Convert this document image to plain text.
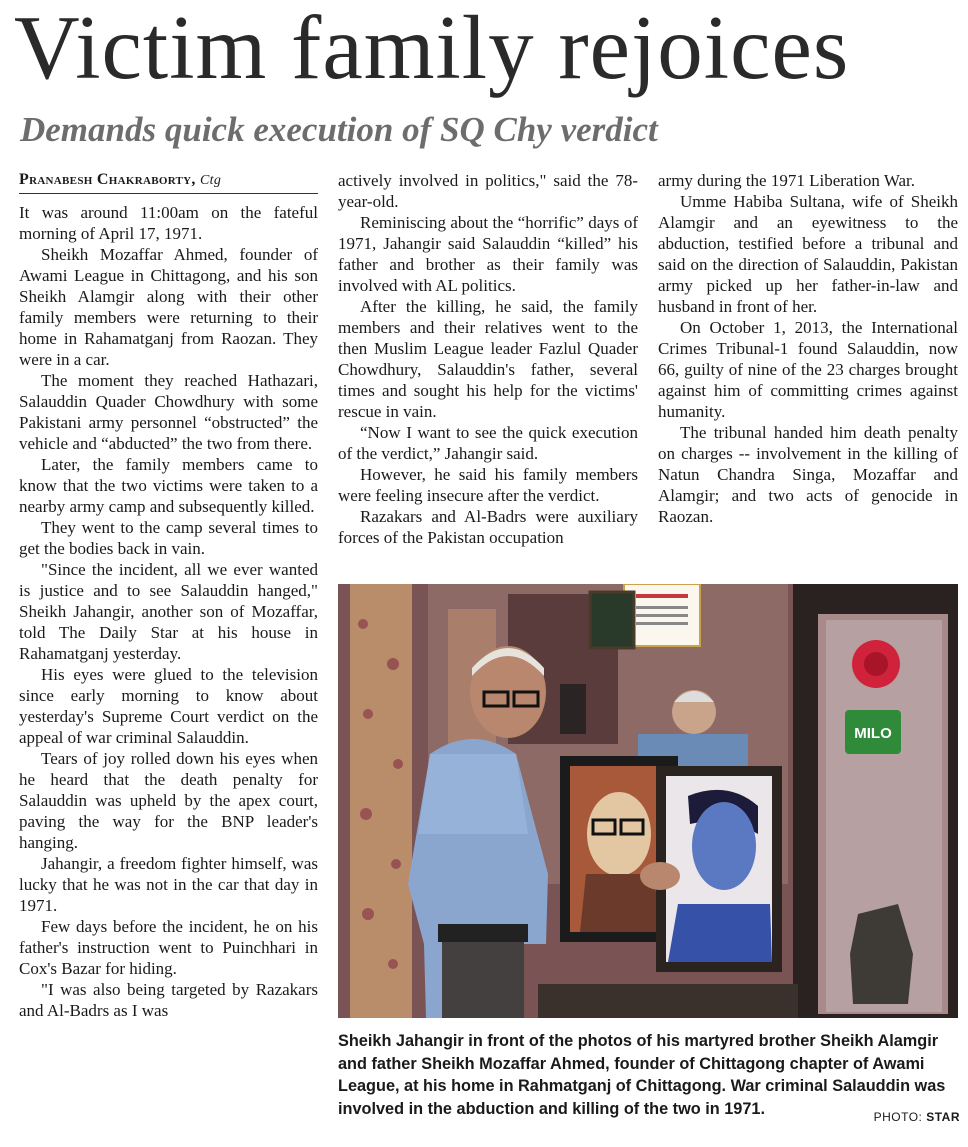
Victim family rejoices
Demands quick execution of SQ Chy verdict
Pranabesh Chakraborty, Ctg

It was around 11:00am on the fateful morning of April 17, 1971.

Sheikh Mozaffar Ahmed, founder of Awami League in Chittagong, and his son Sheikh Alamgir along with their other family members were returning to their home in Rahamatganj from Raozan. They were in a car.

The moment they reached Hathazari, Salauddin Quader Chowdhury with some Pakistani army personnel “obstructed” the vehicle and “abducted” the two from there.

Later, the family members came to know that the two victims were taken to a nearby army camp and subsequently killed.

They went to the camp several times to get the bodies back in vain.

"Since the incident, all we ever wanted is justice and to see Salauddin hanged," Sheikh Jahangir, another son of Mozaffar, told The Daily Star at his house in Rahamatganj yesterday.

His eyes were glued to the television since early morning to know about yesterday's Supreme Court verdict on the appeal of war criminal Salauddin.

Tears of joy rolled down his eyes when he heard that the death penalty for Salauddin was upheld by the apex court, paving the way for the BNP leader's hanging.

Jahangir, a freedom fighter himself, was lucky that he was not in the car that day in 1971.

Few days before the incident, he on his father's instruction went to Puinchhari in Cox's Bazar for hiding.

"I was also being targeted by Razakars and Al-Badrs as I was

actively involved in politics," said the 78-year-old.

Reminiscing about the “horrific” days of 1971, Jahangir said Salauddin “killed” his father and brother as their family was involved with AL politics.

After the killing, he said, the family members and their relatives went to the then Muslim League leader Fazlul Quader Chowdhury, Salauddin's father, several times and sought his help for the victims' rescue in vain.

“Now I want to see the quick execution of the verdict,” Jahangir said.

However, he said his family members were feeling insecure after the verdict.

Razakars and Al-Badrs were auxiliary forces of the Pakistan occupation

army during the 1971 Liberation War.

Umme Habiba Sultana, wife of Sheikh Alamgir and an eyewitness to the abduction, testified before a tribunal and said on the direction of Salauddin, Pakistan army picked up her father-in-law and husband in front of her.

On October 1, 2013, the International Crimes Tribunal-1 found Salauddin, now 66, guilty of nine of the 23 charges brought against him of committing crimes against humanity.

The tribunal handed him death penalty on charges -- involvement in the killing of Natun Chandra Singa, Mozaffar and Alamgir; and two acts of genocide in Raozan.

MILO
Sheikh Jahangir in front of the photos of his martyred brother Sheikh Alamgir and father Sheikh Mozaffar Ahmed, founder of Chittagong chapter of Awami League, at his home in Rahmatganj of Chittagong. War criminal Salauddin was involved in the abduction and killing of the two in 1971.	PHOTO: STAR
